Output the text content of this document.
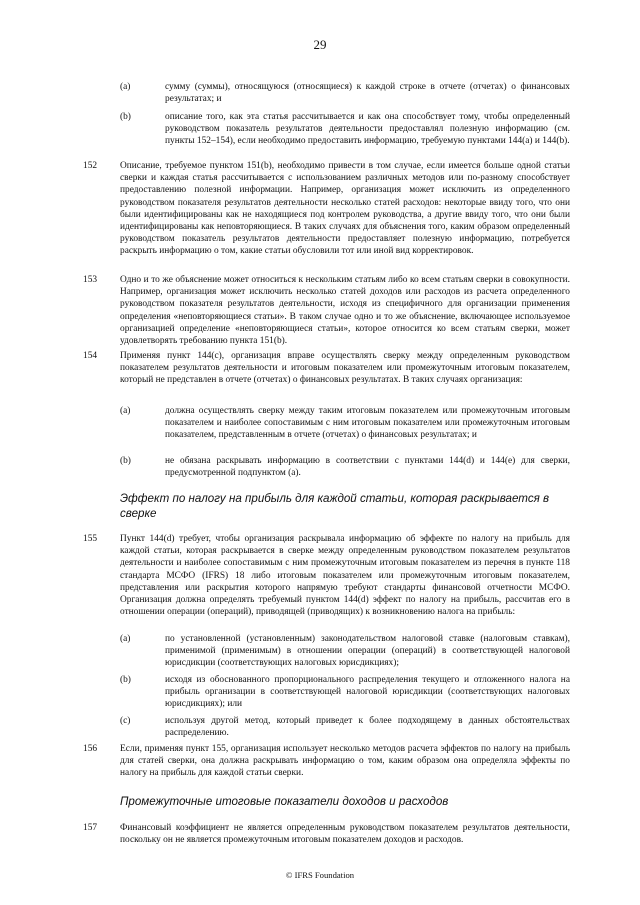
29
(a)	сумму (суммы), относящуюся (относящиеся) к каждой строке в отчете (отчетах) о финансовых результатах; и
(b)	описание того, как эта статья рассчитывается и как она способствует тому, чтобы определенный руководством показатель результатов деятельности предоставлял полезную информацию (см. пункты 152–154), если необходимо предоставить информацию, требуемую пунктами 144(a) и 144(b).
152 Описание, требуемое пунктом 151(b), необходимо привести в том случае, если имеется больше одной статьи сверки и каждая статья рассчитывается с использованием различных методов или по-разному способствует предоставлению полезной информации. Например, организация может исключить из определенного руководством показателя результатов деятельности несколько статей расходов: некоторые ввиду того, что они были идентифицированы как не находящиеся под контролем руководства, а другие ввиду того, что они были идентифицированы как неповторяющиеся. В таких случаях для объяснения того, каким образом определенный руководством показатель результатов деятельности предоставляет полезную информацию, потребуется раскрыть информацию о том, какие статьи обусловили тот или иной вид корректировок.
153 Одно и то же объяснение может относиться к нескольким статьям либо ко всем статьям сверки в совокупности. Например, организация может исключить несколько статей доходов или расходов из расчета определенного руководством показателя результатов деятельности, исходя из специфичного для организации применения определения «неповторяющиеся статьи». В таком случае одно и то же объяснение, включающее используемое организацией определение «неповторяющиеся статьи», которое относится ко всем статьям сверки, может удовлетворять требованию пункта 151(b).
154 Применяя пункт 144(c), организация вправе осуществлять сверку между определенным руководством показателем результатов деятельности и итоговым показателем или промежуточным итоговым показателем, который не представлен в отчете (отчетах) о финансовых результатах. В таких случаях организация:
(a)	должна осуществлять сверку между таким итоговым показателем или промежуточным итоговым показателем и наиболее сопоставимым с ним итоговым показателем или промежуточным итоговым показателем, представленным в отчете (отчетах) о финансовых результатах; и
(b)	не обязана раскрывать информацию в соответствии с пунктами 144(d) и 144(e) для сверки, предусмотренной подпунктом (a).
Эффект по налогу на прибыль для каждой статьи, которая раскрывается в сверке
155 Пункт 144(d) требует, чтобы организация раскрывала информацию об эффекте по налогу на прибыль для каждой статьи, которая раскрывается в сверке между определенным руководством показателем результатов деятельности и наиболее сопоставимым с ним промежуточным итоговым показателем из перечня в пункте 118 стандарта МСФО (IFRS) 18 либо итоговым показателем или промежуточным итоговым показателем, представления или раскрытия которого напрямую требуют стандарты финансовой отчетности МСФО. Организация должна определять требуемый пунктом 144(d) эффект по налогу на прибыль, рассчитав его в отношении операции (операций), приводящей (приводящих) к возникновению налога на прибыль:
(a)	по установленной (установленным) законодательством налоговой ставке (налоговым ставкам), применимой (применимым) в отношении операции (операций) в соответствующей налоговой юрисдикции (соответствующих налоговых юрисдикциях);
(b)	исходя из обоснованного пропорционального распределения текущего и отложенного налога на прибыль организации в соответствующей налоговой юрисдикции (соответствующих налоговых юрисдикциях); или
(c)	используя другой метод, который приведет к более подходящему в данных обстоятельствах распределению.
156 Если, применяя пункт 155, организация использует несколько методов расчета эффектов по налогу на прибыль для статей сверки, она должна раскрывать информацию о том, каким образом она определяла эффекты по налогу на прибыль для каждой статьи сверки.
Промежуточные итоговые показатели доходов и расходов
157 Финансовый коэффициент не является определенным руководством показателем результатов деятельности, поскольку он не является промежуточным итоговым показателем доходов и расходов.
© IFRS Foundation
